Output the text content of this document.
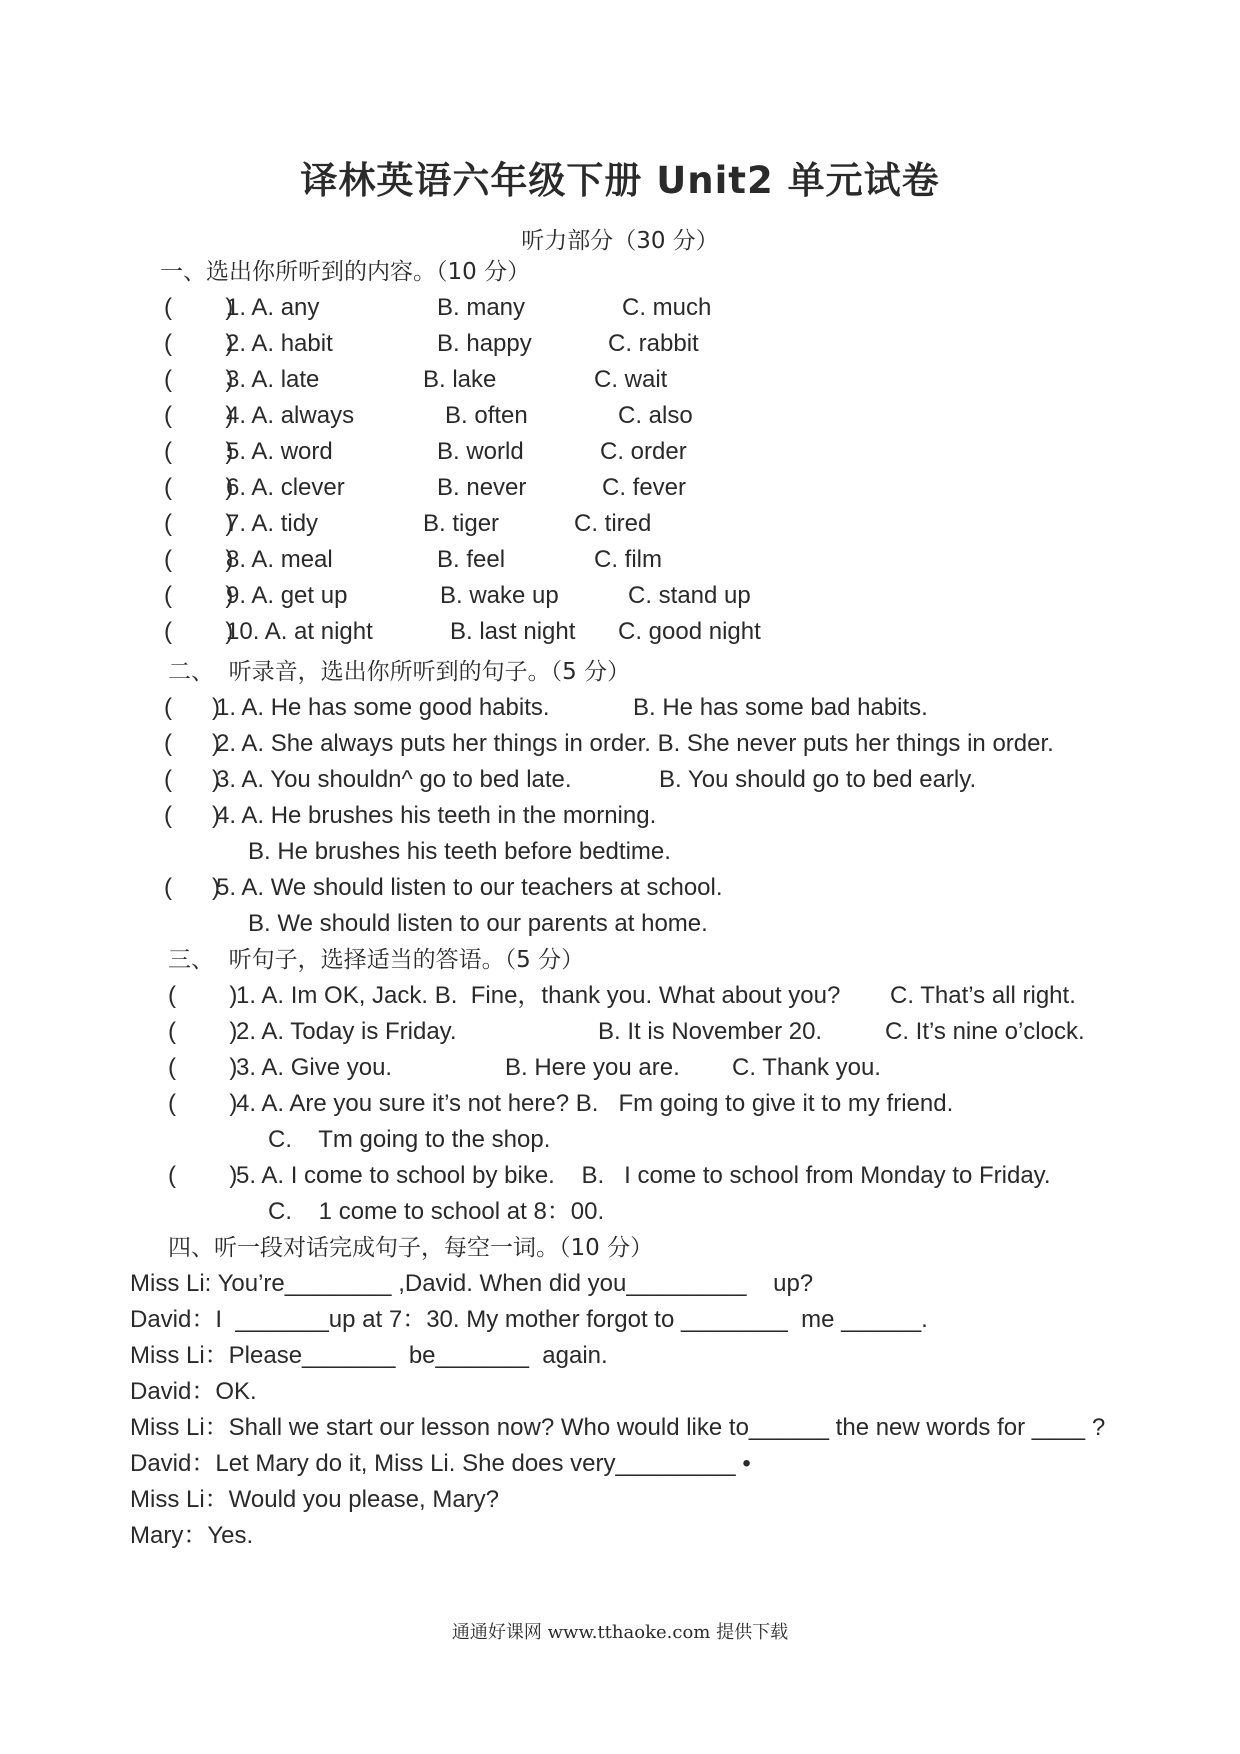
译林英语六年级下册 Unit2 单元试卷
听力部分（30 分）
一、选出你所听到的内容。（10 分）
(        )
1. A. any	B. many	C. much
(        )
2. A. habit	B. happy	C. rabbit
(        )
3. A. late	B. lake	C. wait
(        )
4. A. always	B. often	C. also
(        )
5. A. word	B. world	C. order
(        )
6. A. clever	B. never	C. fever
(        )
7. A. tidy	B. tiger	C. tired
(        )
8. A. meal	B. feel	C. film
(        )
9. A. get up	B. wake up	C. stand up
(        )
10. A. at night	B. last night C. good night
二、  听录音，选出你所听到的句子。（5 分）

(      )

1. A. He has some good habits.

	B. He has some bad habits.

(      )

2. A. She always puts her things in order. B. She never puts her things in order.

(      )

3. A. You shouldn^ go to bed late.

	B. You should go to bed early.

(      )

4. A. He brushes his teeth in the morning.

B. He brushes his teeth before bedtime.

(      )

5. A. We should listen to our teachers at school.

B. We should listen to our parents at home.

三、  听句子，选择适当的答语。（5 分）

(        )

1. A. Im OK, Jack. B.  Fine，thank you. What about you?

C. That’s all right.

(        )

2. A. Today is Friday.

	B. It is November 20.

	C. It’s nine o’clock.

(        )

3. A. Give you.

	B. Here you are.

C. Thank you.

(        )

4. A. Are you sure it’s not here? B.   Fm going to give it to my friend.

C.    Tm going to the shop.

(        )

5. A. I come to school by bike.    B.   I come to school from Monday to Friday.

C.    1 come to school at 8：00.

四、听一段对话完成句子，每空一词。（10 分）
Miss Li: You’re________ ,David. When did you_________    up?
David：I  _______up at 7：30. My mother forgot to ________  me ______.
Miss Li：Please_______  be_______  again.
David：OK.
Miss Li：Shall we start our lesson now? Who would like to______ the new words for ____ ?
David：Let Mary do it, Miss Li. She does very_________ •
Miss Li：Would you please, Mary?
Mary：Yes.
通通好课网 www.tthaoke.com 提供下载
